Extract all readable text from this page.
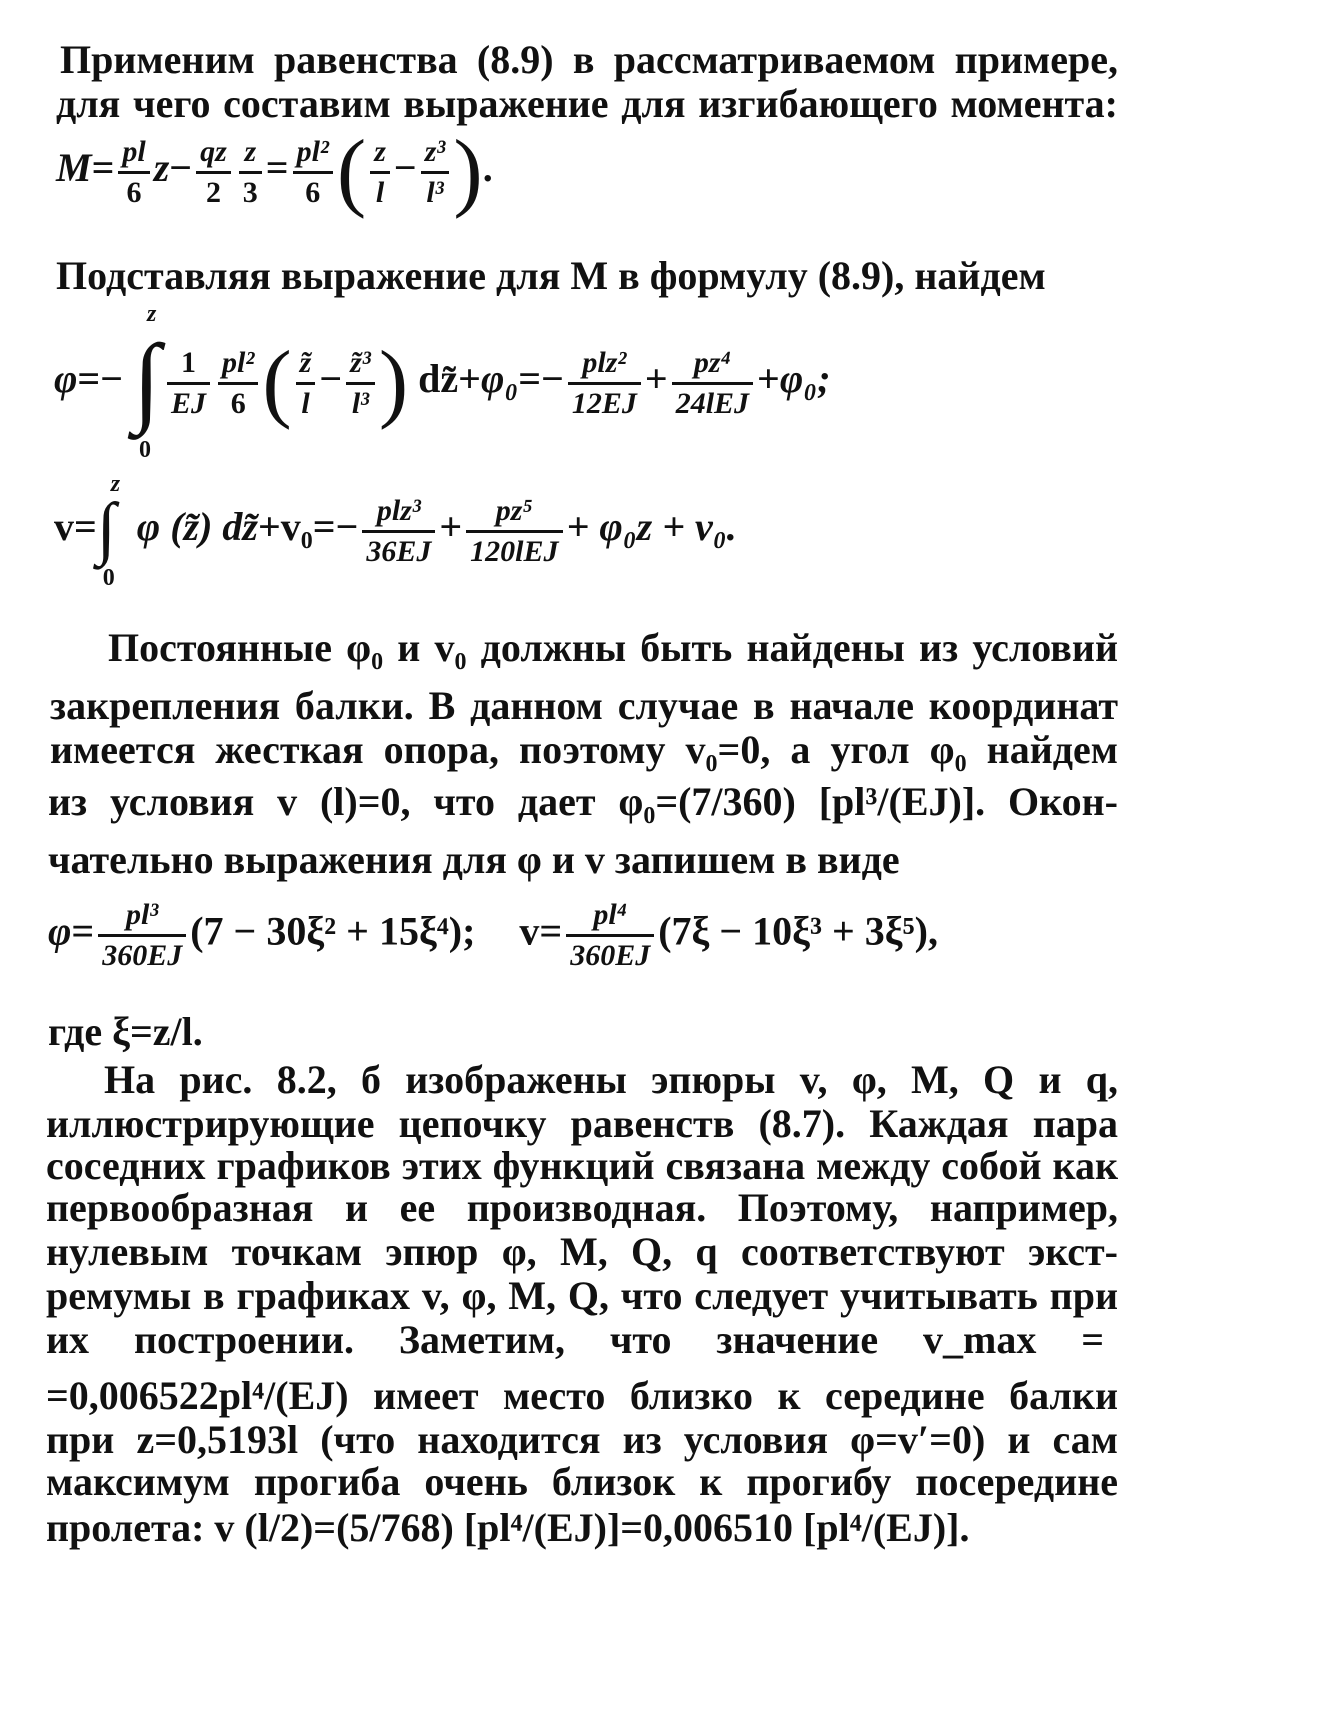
Применим равенства (8.9) в рассматриваемом примере,
для чего составим выражение для изгибающего момента:
$M= \frac{pl}{6} z- \frac{qz}{2} \frac{z}{3} = \frac{\text{pl²}}{6}$ ( $\frac{z}{l} - \frac{\text{z³}}{\text{l³}}$ ).
Подставляя выражение для M в формулу (8.9), найдем
φ=− ∫
z
0
$\frac{1}{EJ} \frac{\text{pl²}}{6}$ ( $\frac{z̃}{l} - \frac{\text{z̃³}}{\text{l³}}$ ) dz̃+φ₀=− $\frac{\text{plz²}}{12EJ} + \frac{\text{pz⁴}}{\text{24lEJ}} +\varphi_0$;
v= ∫
z
0
φ (z̃) dz̃+v₀=− $\frac{\text{plz³}}{36EJ} + \frac{\text{pz⁵}}{\text{120lEJ}} + \varphi_0z + v_0$.
Постоянные φ₀ и v₀ должны быть найдены из условий
закрепления балки. В данном случае в начале координат
имеется жесткая опора, поэтому v₀=0, а угол φ₀ найдем
из условия v (l)=0, что дает φ₀=(7/360) [pl³/(EJ)]. Окон-
чательно выражения для φ и v запишем в виде
$\varphi= \frac{\text{pl³}}{360EJ} (7 - 30\xi^2 + 15\xi^4)$; $v= \frac{\text{pl⁴}}{360EJ} (7\xi - 10\xi^3 + 3\xi^5)$,
где ξ=z/l.
На рис. 8.2, б изображены эпюры v, φ, M, Q и q,
иллюстрирующие цепочку равенств (8.7). Каждая пара
соседних графиков этих функций связана между собой как
первообразная и ее производная. Поэтому, например,
нулевым точкам эпюр φ, M, Q, q соответствуют экст-
ремумы в графиках v, φ, M, Q, что следует учитывать при
их построении. Заметим, что значение v_max =
=0,006522pl⁴/(EJ) имеет место близко к середине балки
при z=0,5193l (что находится из условия φ=v′=0) и сам
максимум прогиба очень близок к прогибу посередине
пролета: v (l/2)=(5/768) [pl⁴/(EJ)]=0,006510 [pl⁴/(EJ)].
